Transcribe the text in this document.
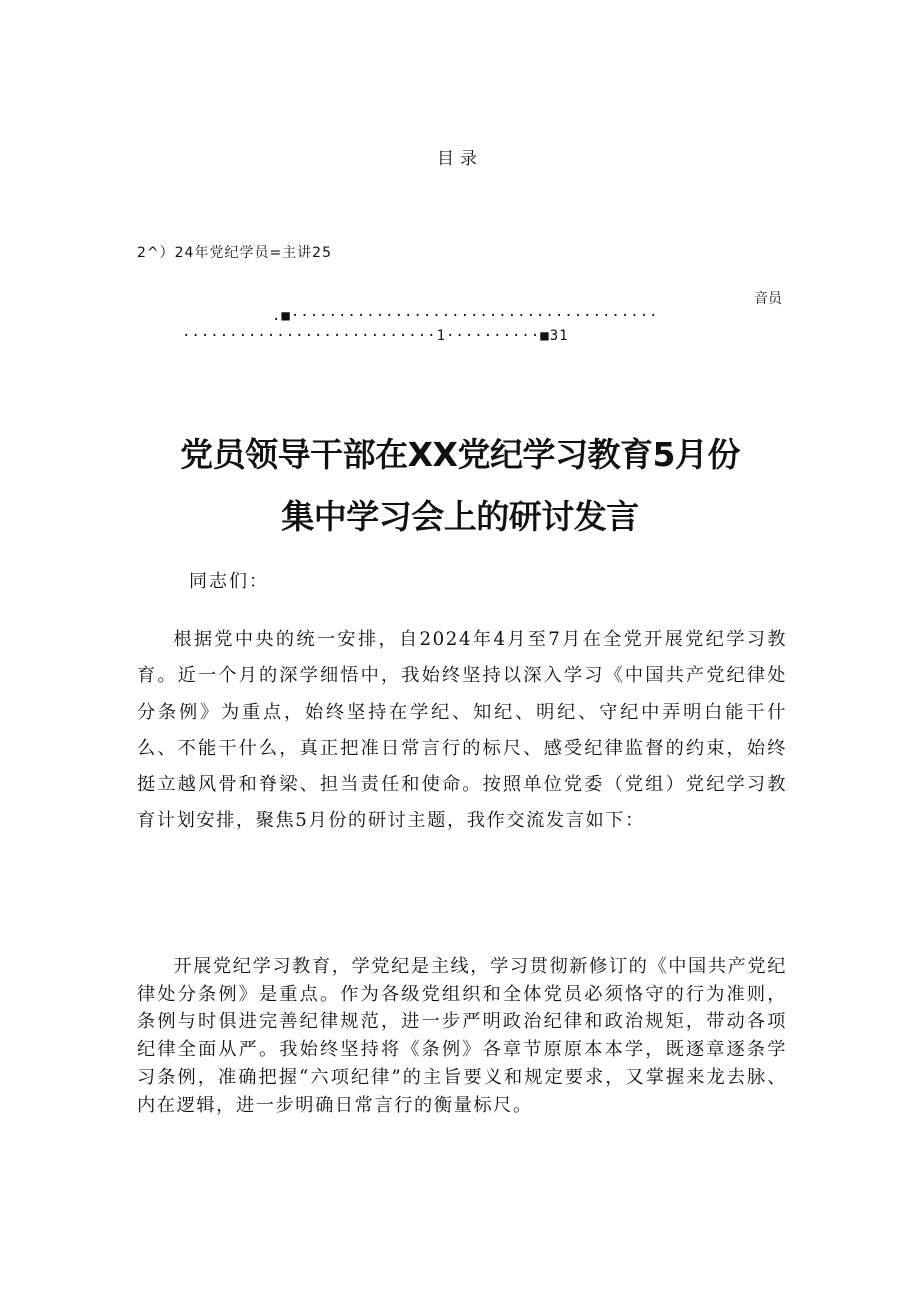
目录
2^）24年党纪学员=主讲25
音员
.■·······································
···························1··········■31
党员领导干部在XX党纪学习教育5月份
集中学习会上的研讨发言
同志们：

根据党中央的统一安排，自2024年4月至7月在全党开展党纪学习教育。近一个月的深学细悟中，我始终坚持以深入学习《中国共产党纪律处分条例》为重点，始终坚持在学纪、知纪、明纪、守纪中弄明白能干什么、不能干什么，真正把准日常言行的标尺、感受纪律监督的约束，始终挺立越风骨和脊梁、担当责任和使命。按照单位党委（党组）党纪学习教育计划安排，聚焦5月份的研讨主题，我作交流发言如下：

开展党纪学习教育，学党纪是主线，学习贯彻新修订的《中国共产党纪律处分条例》是重点。作为各级党组织和全体党员必须恪守的行为准则，条例与时俱进完善纪律规范，进一步严明政治纪律和政治规矩，带动各项纪律全面从严。我始终坚持将《条例》各章节原原本本学，既逐章逐条学习条例，准确把握“六项纪律”的主旨要义和规定要求，又掌握来龙去脉、内在逻辑，进一步明确日常言行的衡量标尺。
